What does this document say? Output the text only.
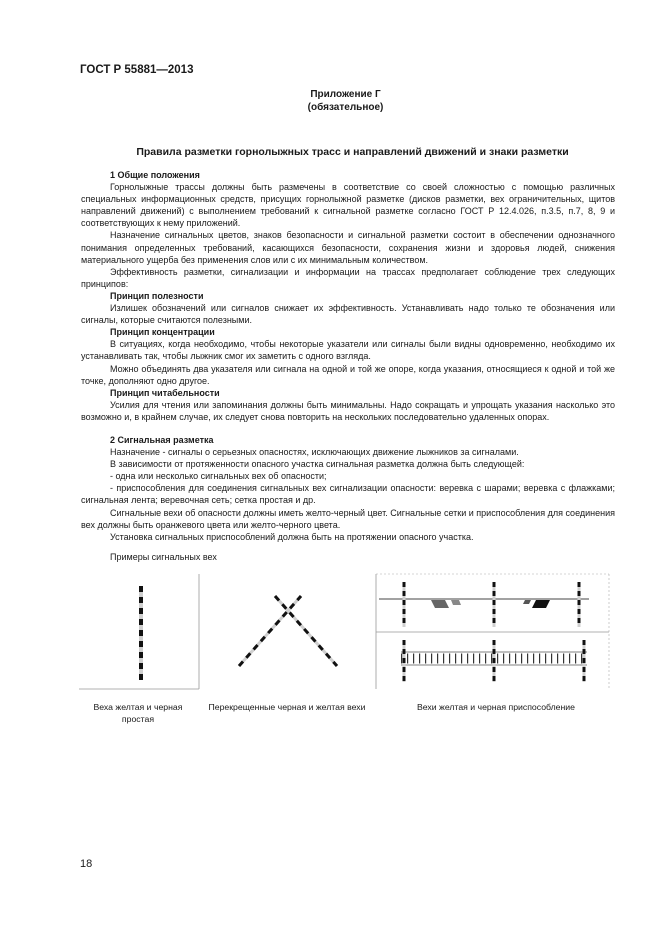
ГОСТ Р 55881—2013
Приложение Г
(обязательное)
Правила разметки горнолыжных трасс и направлений движений и знаки разметки

1 Общие положения

Горнолыжные трассы должны быть размечены в соответствие со своей сложностью с помощью различных специальных информационных средств, присущих горнолыжной разметке (дисков разметки, вех ограничительных, щитов направлений движений) с выполнением требований к сигнальной разметке согласно ГОСТ Р 12.4.026, п.3.5, п.7, 8, 9 и соответствующих к нему приложений.

Назначение сигнальных цветов, знаков безопасности и сигнальной разметки состоит в обеспечении однозначного понимания определенных требований, касающихся безопасности, сохранения жизни и здоровья людей, снижения материального ущерба без применения слов или с их минимальным количеством.

Эффективность разметки, сигнализации и информации на трассах предполагает соблюдение трех следующих принципов:

Принцип полезности

Излишек обозначений или сигналов снижает их эффективность. Устанавливать надо только те обозначения или сигналы, которые считаются полезными.

Принцип концентрации

В ситуациях, когда необходимо, чтобы некоторые указатели или сигналы были видны одновременно, необходимо их устанавливать так, чтобы лыжник смог их заметить с одного взгляда.

Можно объединять два указателя или сигнала на одной и той же опоре, когда указания, относящиеся к одной и той же точке, дополняют одно другое.

Принцип читабельности

Усилия для чтения или запоминания должны быть минимальны. Надо сокращать и упрощать указания насколько это возможно и, в крайнем случае, их следует снова повторить на нескольких последовательно удаленных опорах.

2 Сигнальная разметка

Назначение - сигналы о серьезных опасностях, исключающих движение лыжников за сигналами.

В зависимости от протяженности опасного участка сигнальная разметка должна быть следующей:

- одна или несколько сигнальных вех об опасности;

- приспособления для соединения сигнальных вех сигнализации опасности: веревка с шарами; веревка с флажками; сигнальная лента; веревочная сеть; сетка простая и др.

Сигнальные вехи об опасности должны иметь желто-черный цвет. Сигнальные сетки и приспособления для соединения вех должны быть оранжевого цвета или желто-черного цвета.

Установка сигнальных приспособлений должна быть на протяжении опасного участка.

Примеры сигнальных вех
Веха желтая и черная простая
Перекрещенные черная и желтая вехи	Вехи желтая и черная приспособление
18
